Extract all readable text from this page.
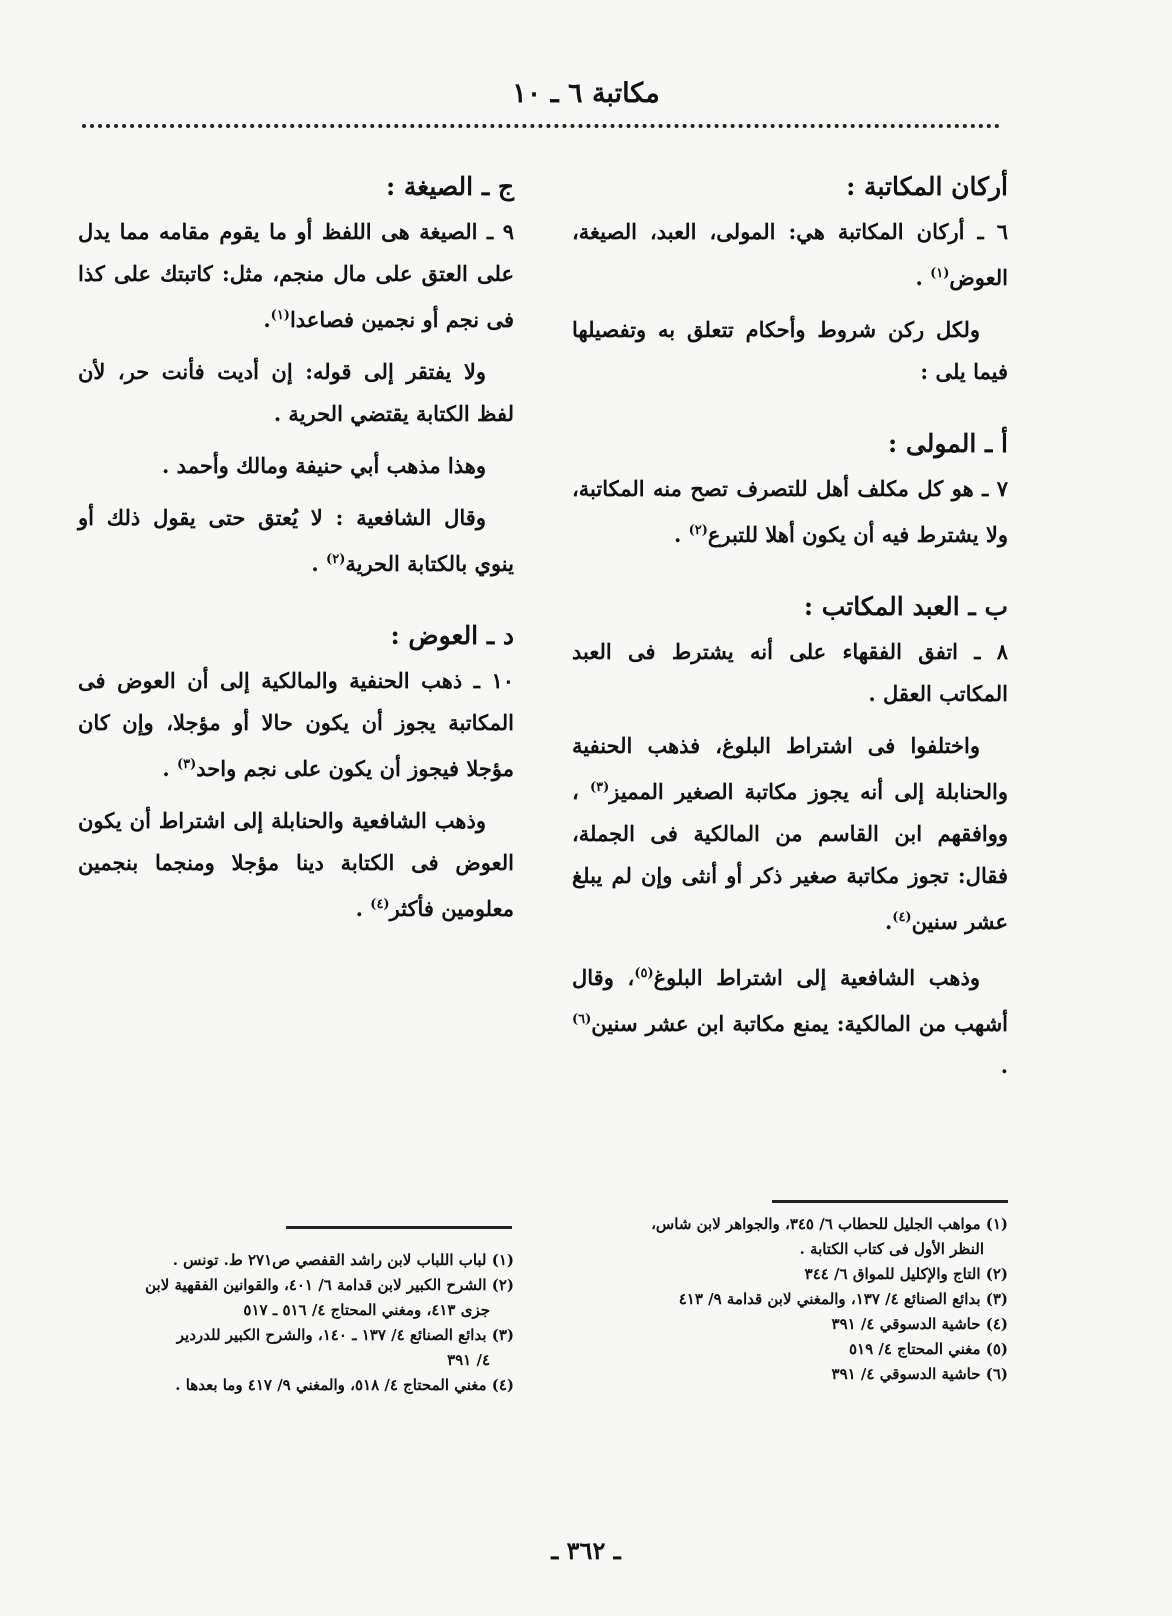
مكاتبة ٦ ـ ١٠
أركان المكاتبة :

٦ ـ أركان المكاتبة هي: المولى، العبد، الصيغة، العوض$^{(١)}$ .

ولكل ركن شروط وأحكام تتعلق به وتفصيلها فيما يلى :

أ ـ المولى :

٧ ـ هو كل مكلف أهل للتصرف تصح منه المكاتبة، ولا يشترط فيه أن يكون أهلا للتبرع$^{(٢)}$ .

ب ـ العبد المكاتب :

٨ ـ اتفق الفقهاء على أنه يشترط فى العبد المكاتب العقل .

واختلفوا فى اشتراط البلوغ، فذهب الحنفية والحنابلة إلى أنه يجوز مكاتبة الصغير المميز$^{(٣)}$ ، ووافقهم ابن القاسم من المالكية فى الجملة، فقال: تجوز مكاتبة صغير ذكر أو أنثى وإن لم يبلغ عشر سنين$^{(٤)}$.

وذهب الشافعية إلى اشتراط البلوغ$^{(٥)}$، وقال أشهب من المالكية: يمنع مكاتبة ابن عشر سنين$^{(٦)}$ .

ج ـ الصيغة :

٩ ـ الصيغة هى اللفظ أو ما يقوم مقامه مما يدل على العتق على مال منجم، مثل: كاتبتك على كذا فى نجم أو نجمين فصاعدا$^{(١)}$.

ولا يفتقر إلى قوله: إن أديت فأنت حر، لأن لفظ الكتابة يقتضي الحرية .

وهذا مذهب أبي حنيفة ومالك وأحمد .

وقال الشافعية : لا يُعتق حتى يقول ذلك أو ينوي بالكتابة الحرية$^{(٢)}$ .

د ـ العوض :

١٠ ـ ذهب الحنفية والمالكية إلى أن العوض فى المكاتبة يجوز أن يكون حالا أو مؤجلا، وإن كان مؤجلا فيجوز أن يكون على نجم واحد$^{(٣)}$ .

وذهب الشافعية والحنابلة إلى اشتراط أن يكون العوض فى الكتابة دينا مؤجلا ومنجما بنجمين معلومين فأكثر$^{(٤)}$ .

(١) مواهب الجليل للحطاب ٦/ ٣٤٥، والجواهر لابن شاس،

النظر الأول فى كتاب الكتابة .

(٢) التاج والإكليل للمواق ٦/ ٣٤٤

(٣) بدائع الصنائع ٤/ ١٣٧، والمغني لابن قدامة ٩/ ٤١٣

(٤) حاشية الدسوقي ٤/ ٣٩١

(٥) مغني المحتاج ٤/ ٥١٩

(٦) حاشية الدسوقي ٤/ ٣٩١

(١) لباب اللباب لابن راشد القفصي ص٢٧١ ط. تونس .

(٢) الشرح الكبير لابن قدامة ٦/ ٤٠١، والقوانين الفقهية لابن

جزى ٤١٣، ومغني المحتاج ٤/ ٥١٦ ـ ٥١٧

(٣) بدائع الصنائع ٤/ ١٣٧ ـ ١٤٠، والشرح الكبير للدردير

٤/ ٣٩١

(٤) مغني المحتاج ٤/ ٥١٨، والمغني ٩/ ٤١٧ وما بعدها .

ـ ٣٦٢ ـ
